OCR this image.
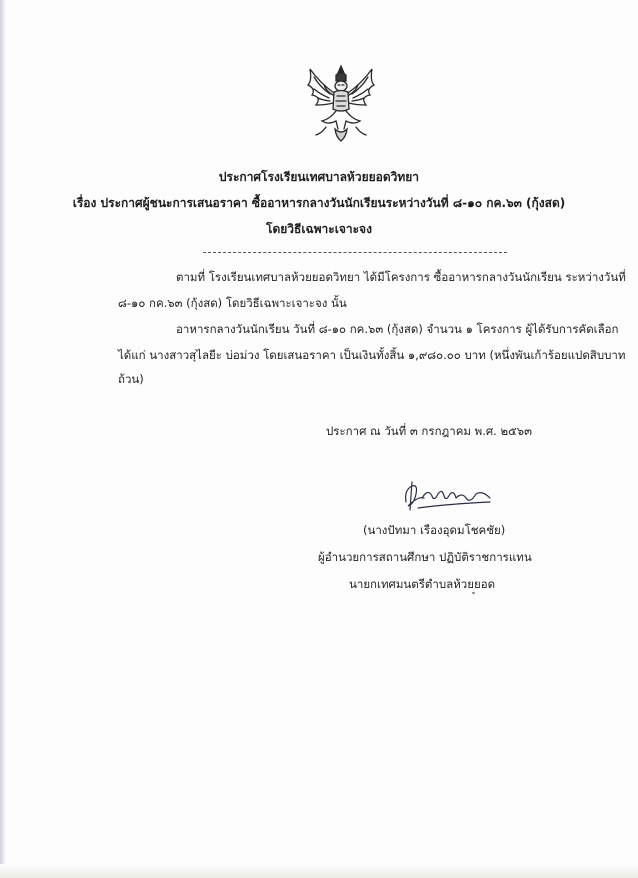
ประกาศโรงเรียนเทศบาลห้วยยอดวิทยา
เรื่อง ประกาศผู้ชนะการเสนอราคา ซื้ออาหารกลางวันนักเรียนระหว่างวันที่ ๘-๑๐ กค.๖๓ (กุ้งสด)
โดยวิธีเฉพาะเจาะจง
ตามที่ โรงเรียนเทศบาลห้วยยอดวิทยา ได้มีโครงการ ซื้ออาหารกลางวันนักเรียน ระหว่างวันที่
๘-๑๐ กค.๖๓ (กุ้งสด) โดยวิธีเฉพาะเจาะจง นั้น
อาหารกลางวันนักเรียน วันที่ ๘-๑๐ กค.๖๓ (กุ้งสด) จำนวน ๑ โครงการ ผู้ได้รับการคัดเลือก
ได้แก่ นางสาวสุไลยีะ บ่อม่วง โดยเสนอราคา เป็นเงินทั้งสิ้น ๑,๙๘๐.๐๐ บาท (หนึ่งพันเก้าร้อยแปดสิบบาท
ถ้วน)
ประกาศ ณ วันที่ ๓ กรกฎาคม พ.ศ. ๒๕๖๓
(นางปัทมา เรืองอุดมโชคชัย)
ผู้อำนวยการสถานศึกษา ปฏิบัติราชการแทน
นายกเทศมนตรีตำบลห้วยยอด
